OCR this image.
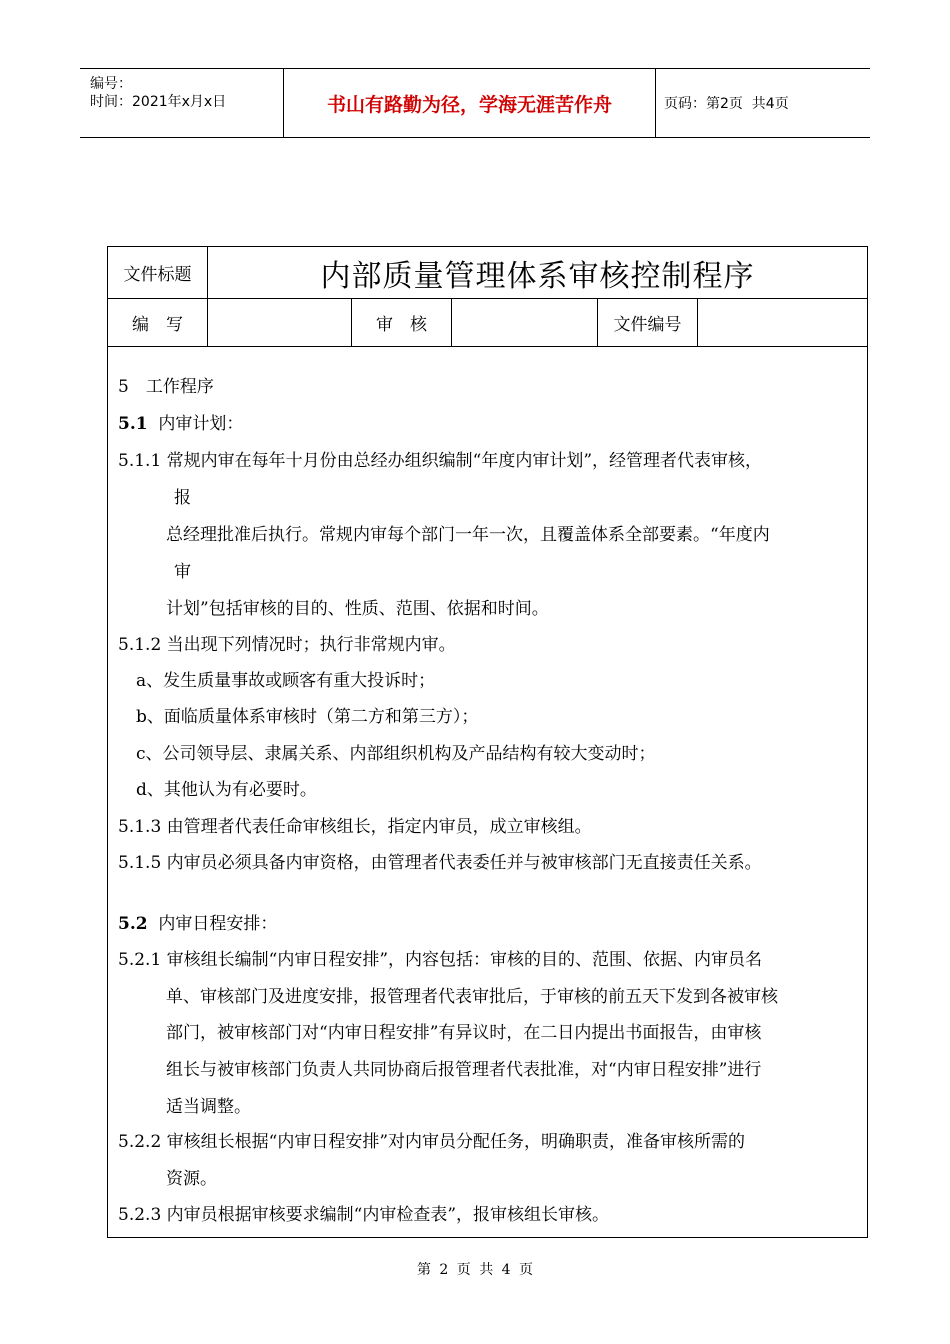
编号：
时间：2021年x月x日	书山有路勤为径，学海无涯苦作舟	页码：第2页  共4页
文件标题	内部质量管理体系审核控制程序
编　写	审　核	文件编号
5　工作程序
5.1 内审计划：
5.1.1 常规内审在每年十月份由总经办组织编制“年度内审计划”，经管理者代表审核，
报
总经理批准后执行。常规内审每个部门一年一次，且覆盖体系全部要素。“年度内
审
计划”包括审核的目的、性质、范围、依据和时间。
5.1.2 当出现下列情况时；执行非常规内审。
a、发生质量事故或顾客有重大投诉时；
b、面临质量体系审核时（第二方和第三方）；
c、公司领导层、隶属关系、内部组织机构及产品结构有较大变动时；
d、其他认为有必要时。
5.1.3 由管理者代表任命审核组长，指定内审员，成立审核组。
5.1.5 内审员必须具备内审资格，由管理者代表委任并与被审核部门无直接责任关系。
5.2 内审日程安排：
5.2.1 审核组长编制“内审日程安排”，内容包括：审核的目的、范围、依据、内审员名
单、审核部门及进度安排，报管理者代表审批后，于审核的前五天下发到各被审核
部门，被审核部门对“内审日程安排”有异议时，在二日内提出书面报告，由审核
组长与被审核部门负责人共同协商后报管理者代表批准，对“内审日程安排”进行
适当调整。
5.2.2 审核组长根据“内审日程安排”对内审员分配任务，明确职责，准备审核所需的
资源。
5.2.3 内审员根据审核要求编制“内审检查表”，报审核组长审核。
第 2 页 共 4 页
